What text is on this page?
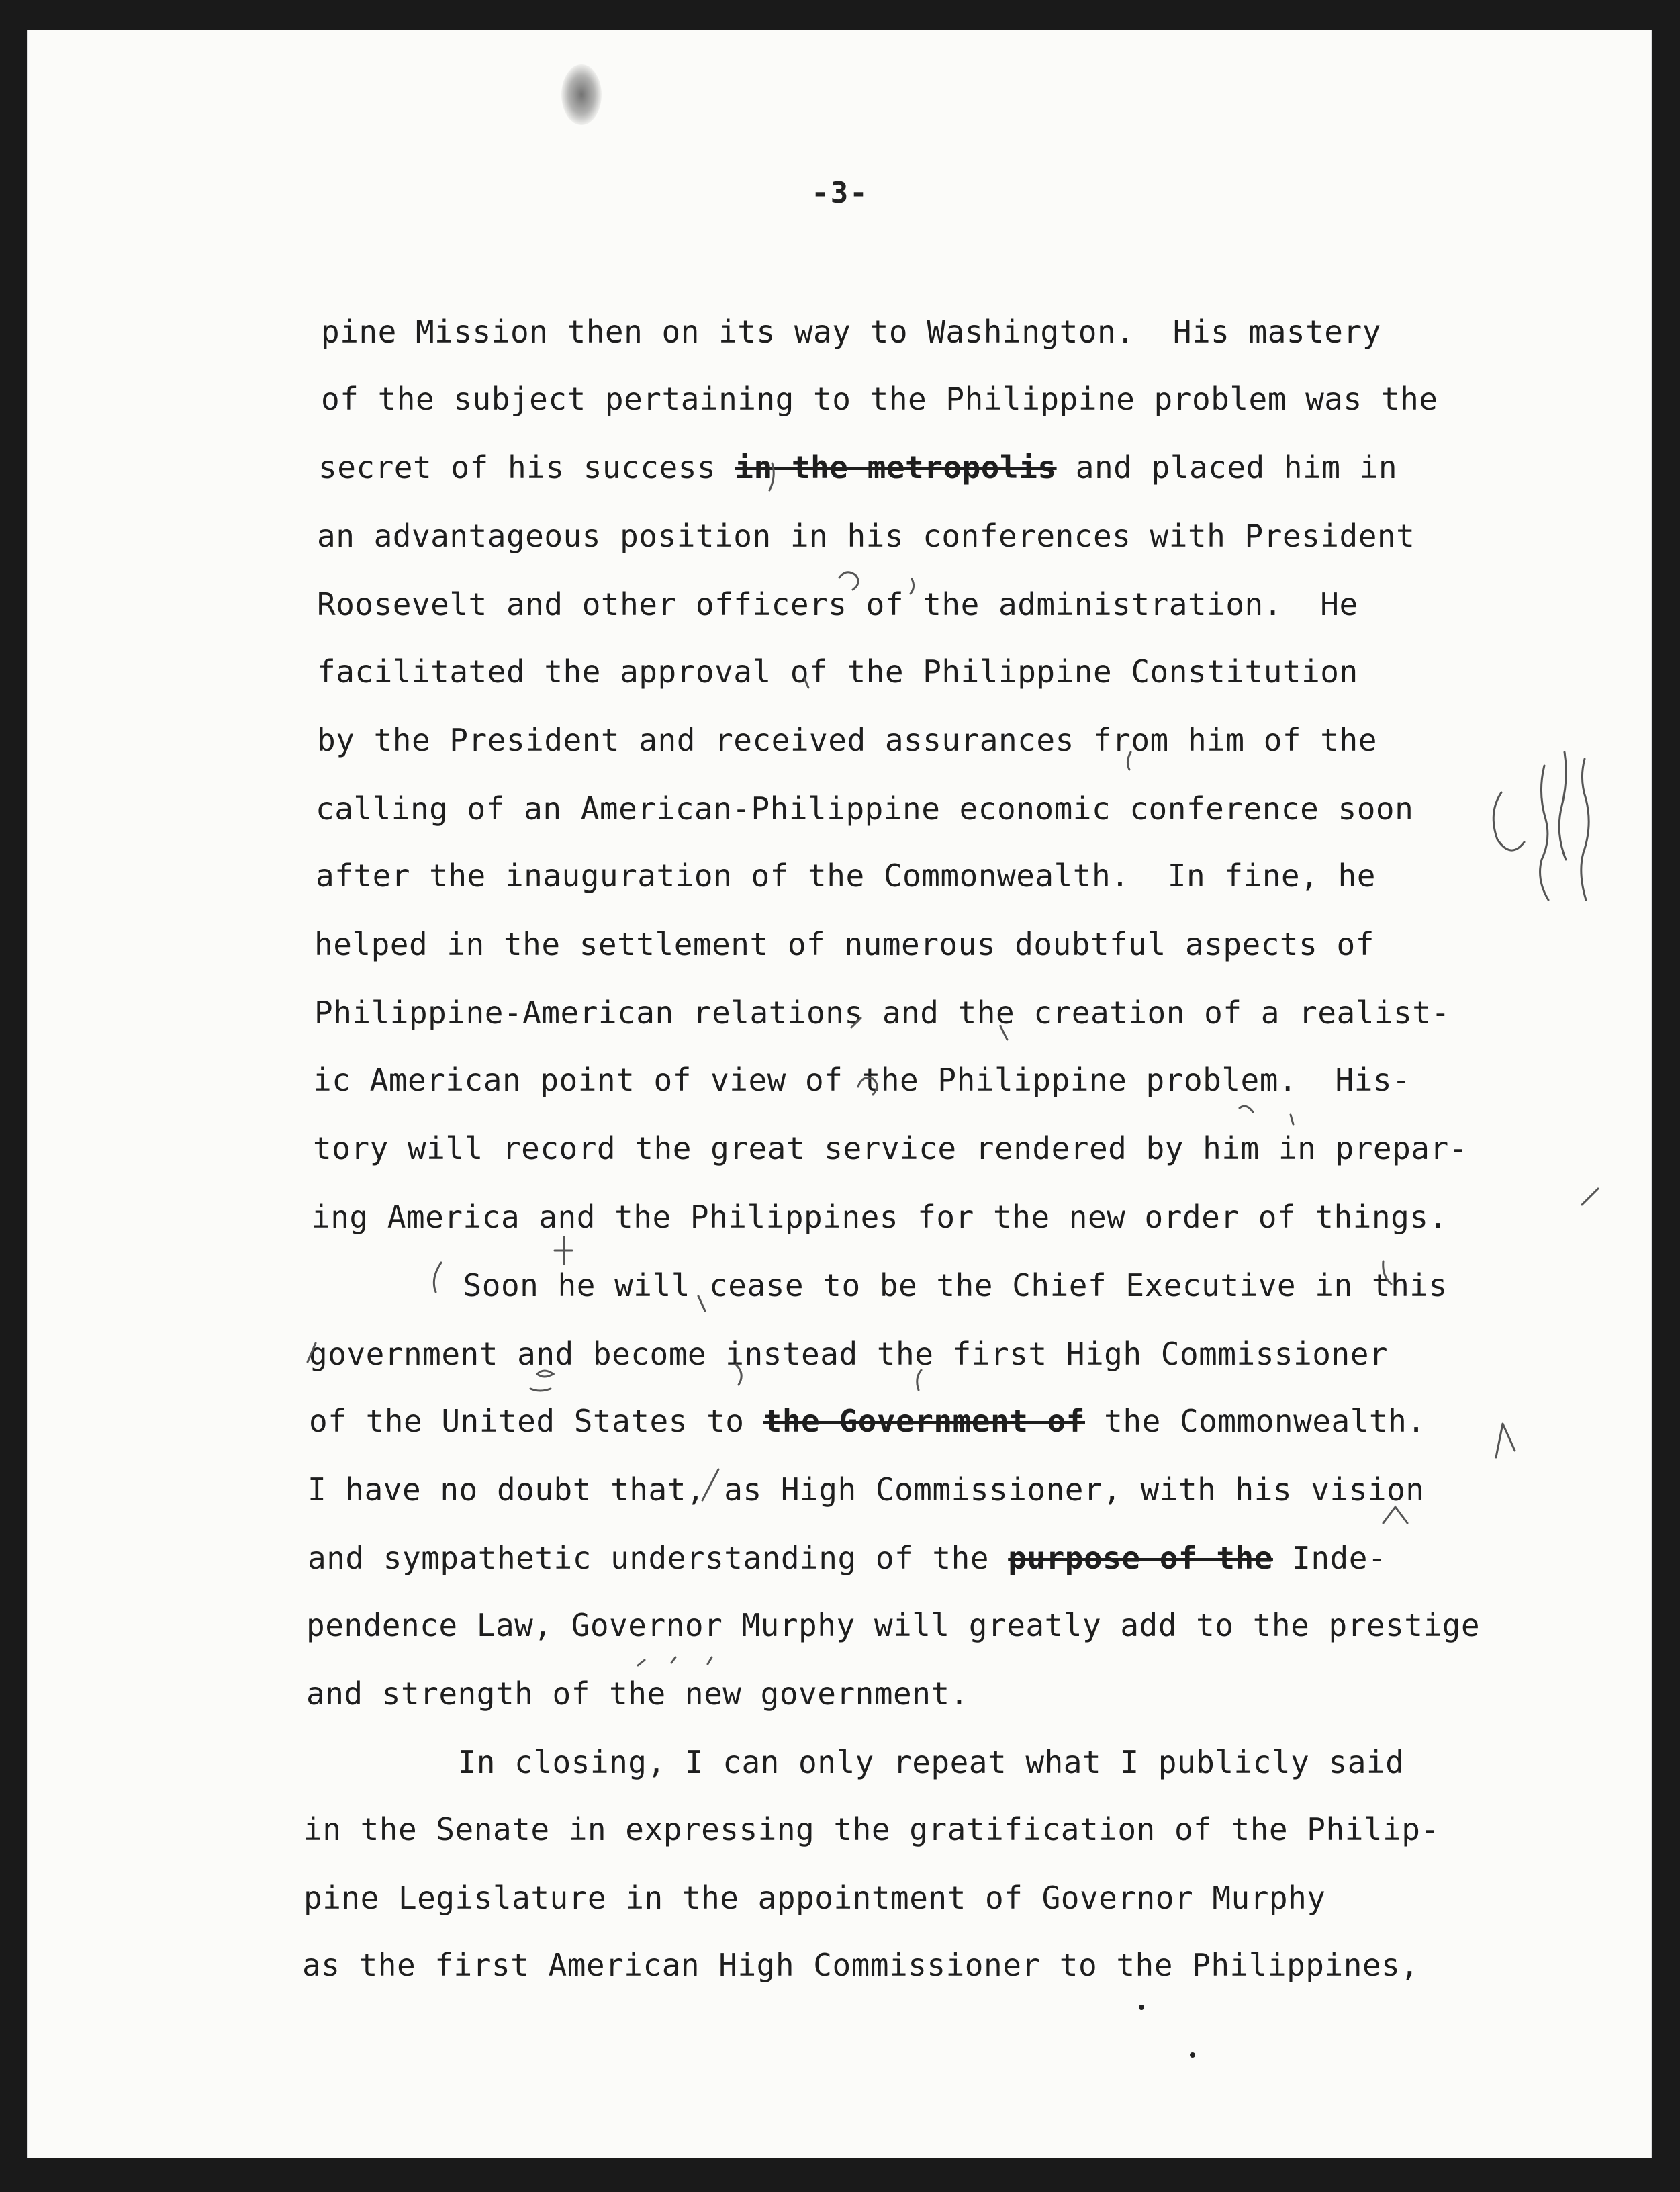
-3-
pine Mission then on its way to Washington.  His mastery
of the subject pertaining to the Philippine problem was the
secret of his success in the metropolis and placed him in
an advantageous position in his conferences with President
Roosevelt and other officers of the administration.  He
facilitated the approval of the Philippine Constitution
by the President and received assurances from him of the
calling of an American-Philippine economic conference soon
after the inauguration of the Commonwealth.  In fine, he
helped in the settlement of numerous doubtful aspects of
Philippine-American relations and the creation of a realist-
ic American point of view of the Philippine problem.  His-
tory will record the great service rendered by him in prepar-
ing America and the Philippines for the new order of things.
Soon he will cease to be the Chief Executive in this
government and become instead the first High Commissioner
of the United States to the Government of the Commonwealth.
I have no doubt that, as High Commissioner, with his vision
and sympathetic understanding of the purpose of the Inde-
pendence Law, Governor Murphy will greatly add to the prestige
and strength of the new government.
In closing, I can only repeat what I publicly said
in the Senate in expressing the gratification of the Philip-
pine Legislature in the appointment of Governor Murphy
as the first American High Commissioner to the Philippines,
